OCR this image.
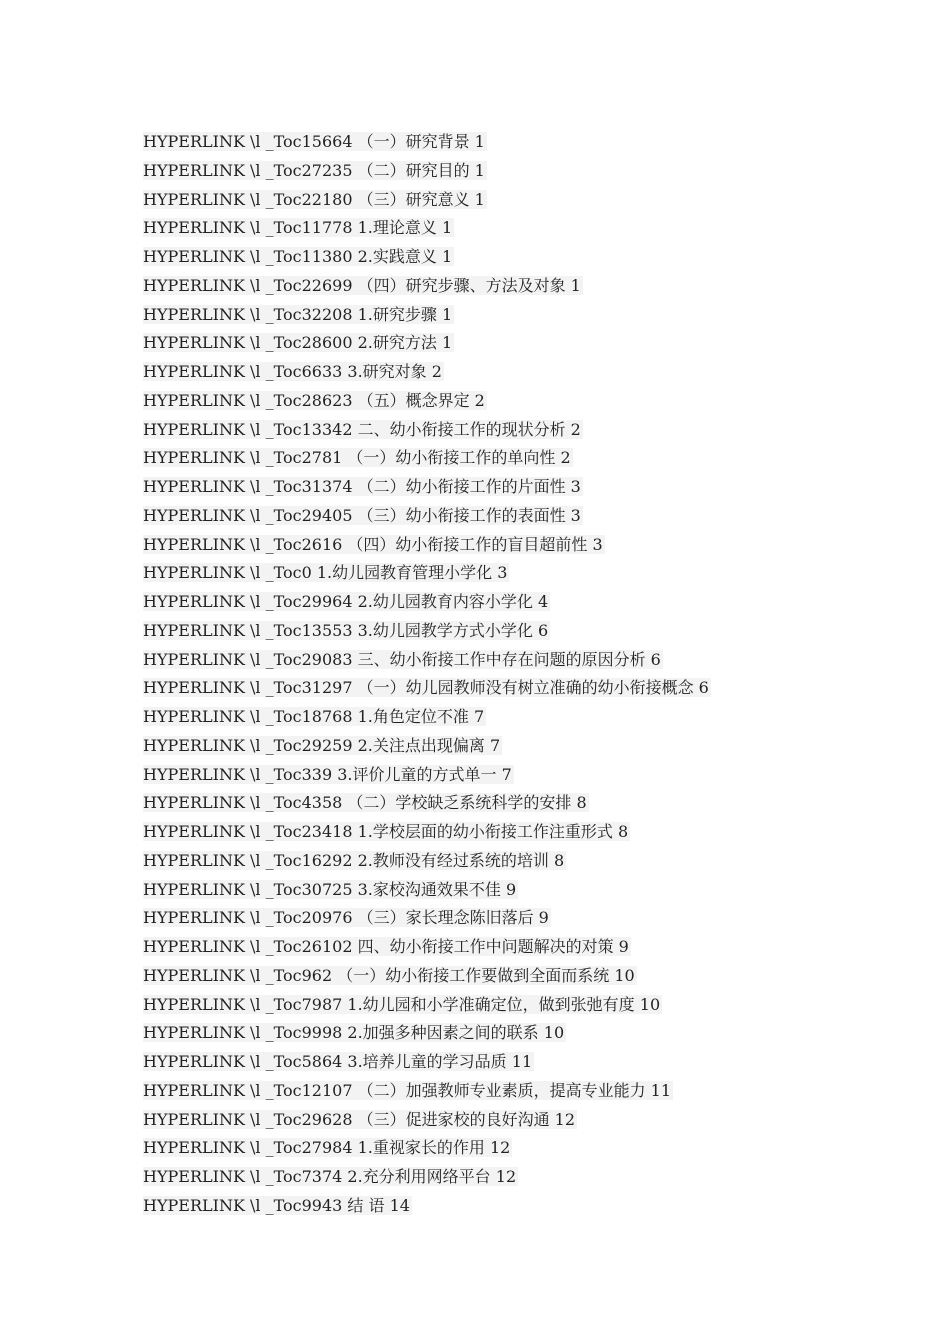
HYPERLINK \l _Toc15664 （一）研究背景 1
HYPERLINK \l _Toc27235 （二）研究目的 1
HYPERLINK \l _Toc22180 （三）研究意义 1
HYPERLINK \l _Toc11778 1.理论意义 1
HYPERLINK \l _Toc11380 2.实践意义 1
HYPERLINK \l _Toc22699 （四）研究步骤、方法及对象 1
HYPERLINK \l _Toc32208 1.研究步骤 1
HYPERLINK \l _Toc28600 2.研究方法 1
HYPERLINK \l _Toc6633 3.研究对象 2
HYPERLINK \l _Toc28623 （五）概念界定 2
HYPERLINK \l _Toc13342 二、幼小衔接工作的现状分析 2
HYPERLINK \l _Toc2781 （一）幼小衔接工作的单向性 2
HYPERLINK \l _Toc31374 （二）幼小衔接工作的片面性 3
HYPERLINK \l _Toc29405 （三）幼小衔接工作的表面性 3
HYPERLINK \l _Toc2616 （四）幼小衔接工作的盲目超前性 3
HYPERLINK \l _Toc0 1.幼儿园教育管理小学化 3
HYPERLINK \l _Toc29964 2.幼儿园教育内容小学化 4
HYPERLINK \l _Toc13553 3.幼儿园教学方式小学化 6
HYPERLINK \l _Toc29083 三、幼小衔接工作中存在问题的原因分析 6
HYPERLINK \l _Toc31297 （一）幼儿园教师没有树立准确的幼小衔接概念 6
HYPERLINK \l _Toc18768 1.角色定位不准 7
HYPERLINK \l _Toc29259 2.关注点出现偏离 7
HYPERLINK \l _Toc339 3.评价儿童的方式单一 7
HYPERLINK \l _Toc4358 （二）学校缺乏系统科学的安排 8
HYPERLINK \l _Toc23418 1.学校层面的幼小衔接工作注重形式 8
HYPERLINK \l _Toc16292 2.教师没有经过系统的培训 8
HYPERLINK \l _Toc30725 3.家校沟通效果不佳 9
HYPERLINK \l _Toc20976 （三）家长理念陈旧落后 9
HYPERLINK \l _Toc26102 四、幼小衔接工作中问题解决的对策 9
HYPERLINK \l _Toc962 （一）幼小衔接工作要做到全面而系统 10
HYPERLINK \l _Toc7987 1.幼儿园和小学准确定位，做到张弛有度 10
HYPERLINK \l _Toc9998 2.加强多种因素之间的联系 10
HYPERLINK \l _Toc5864 3.培养儿童的学习品质 11
HYPERLINK \l _Toc12107 （二）加强教师专业素质，提高专业能力 11
HYPERLINK \l _Toc29628 （三）促进家校的良好沟通 12
HYPERLINK \l _Toc27984 1.重视家长的作用 12
HYPERLINK \l _Toc7374 2.充分利用网络平台 12
HYPERLINK \l _Toc9943 结 语 14
